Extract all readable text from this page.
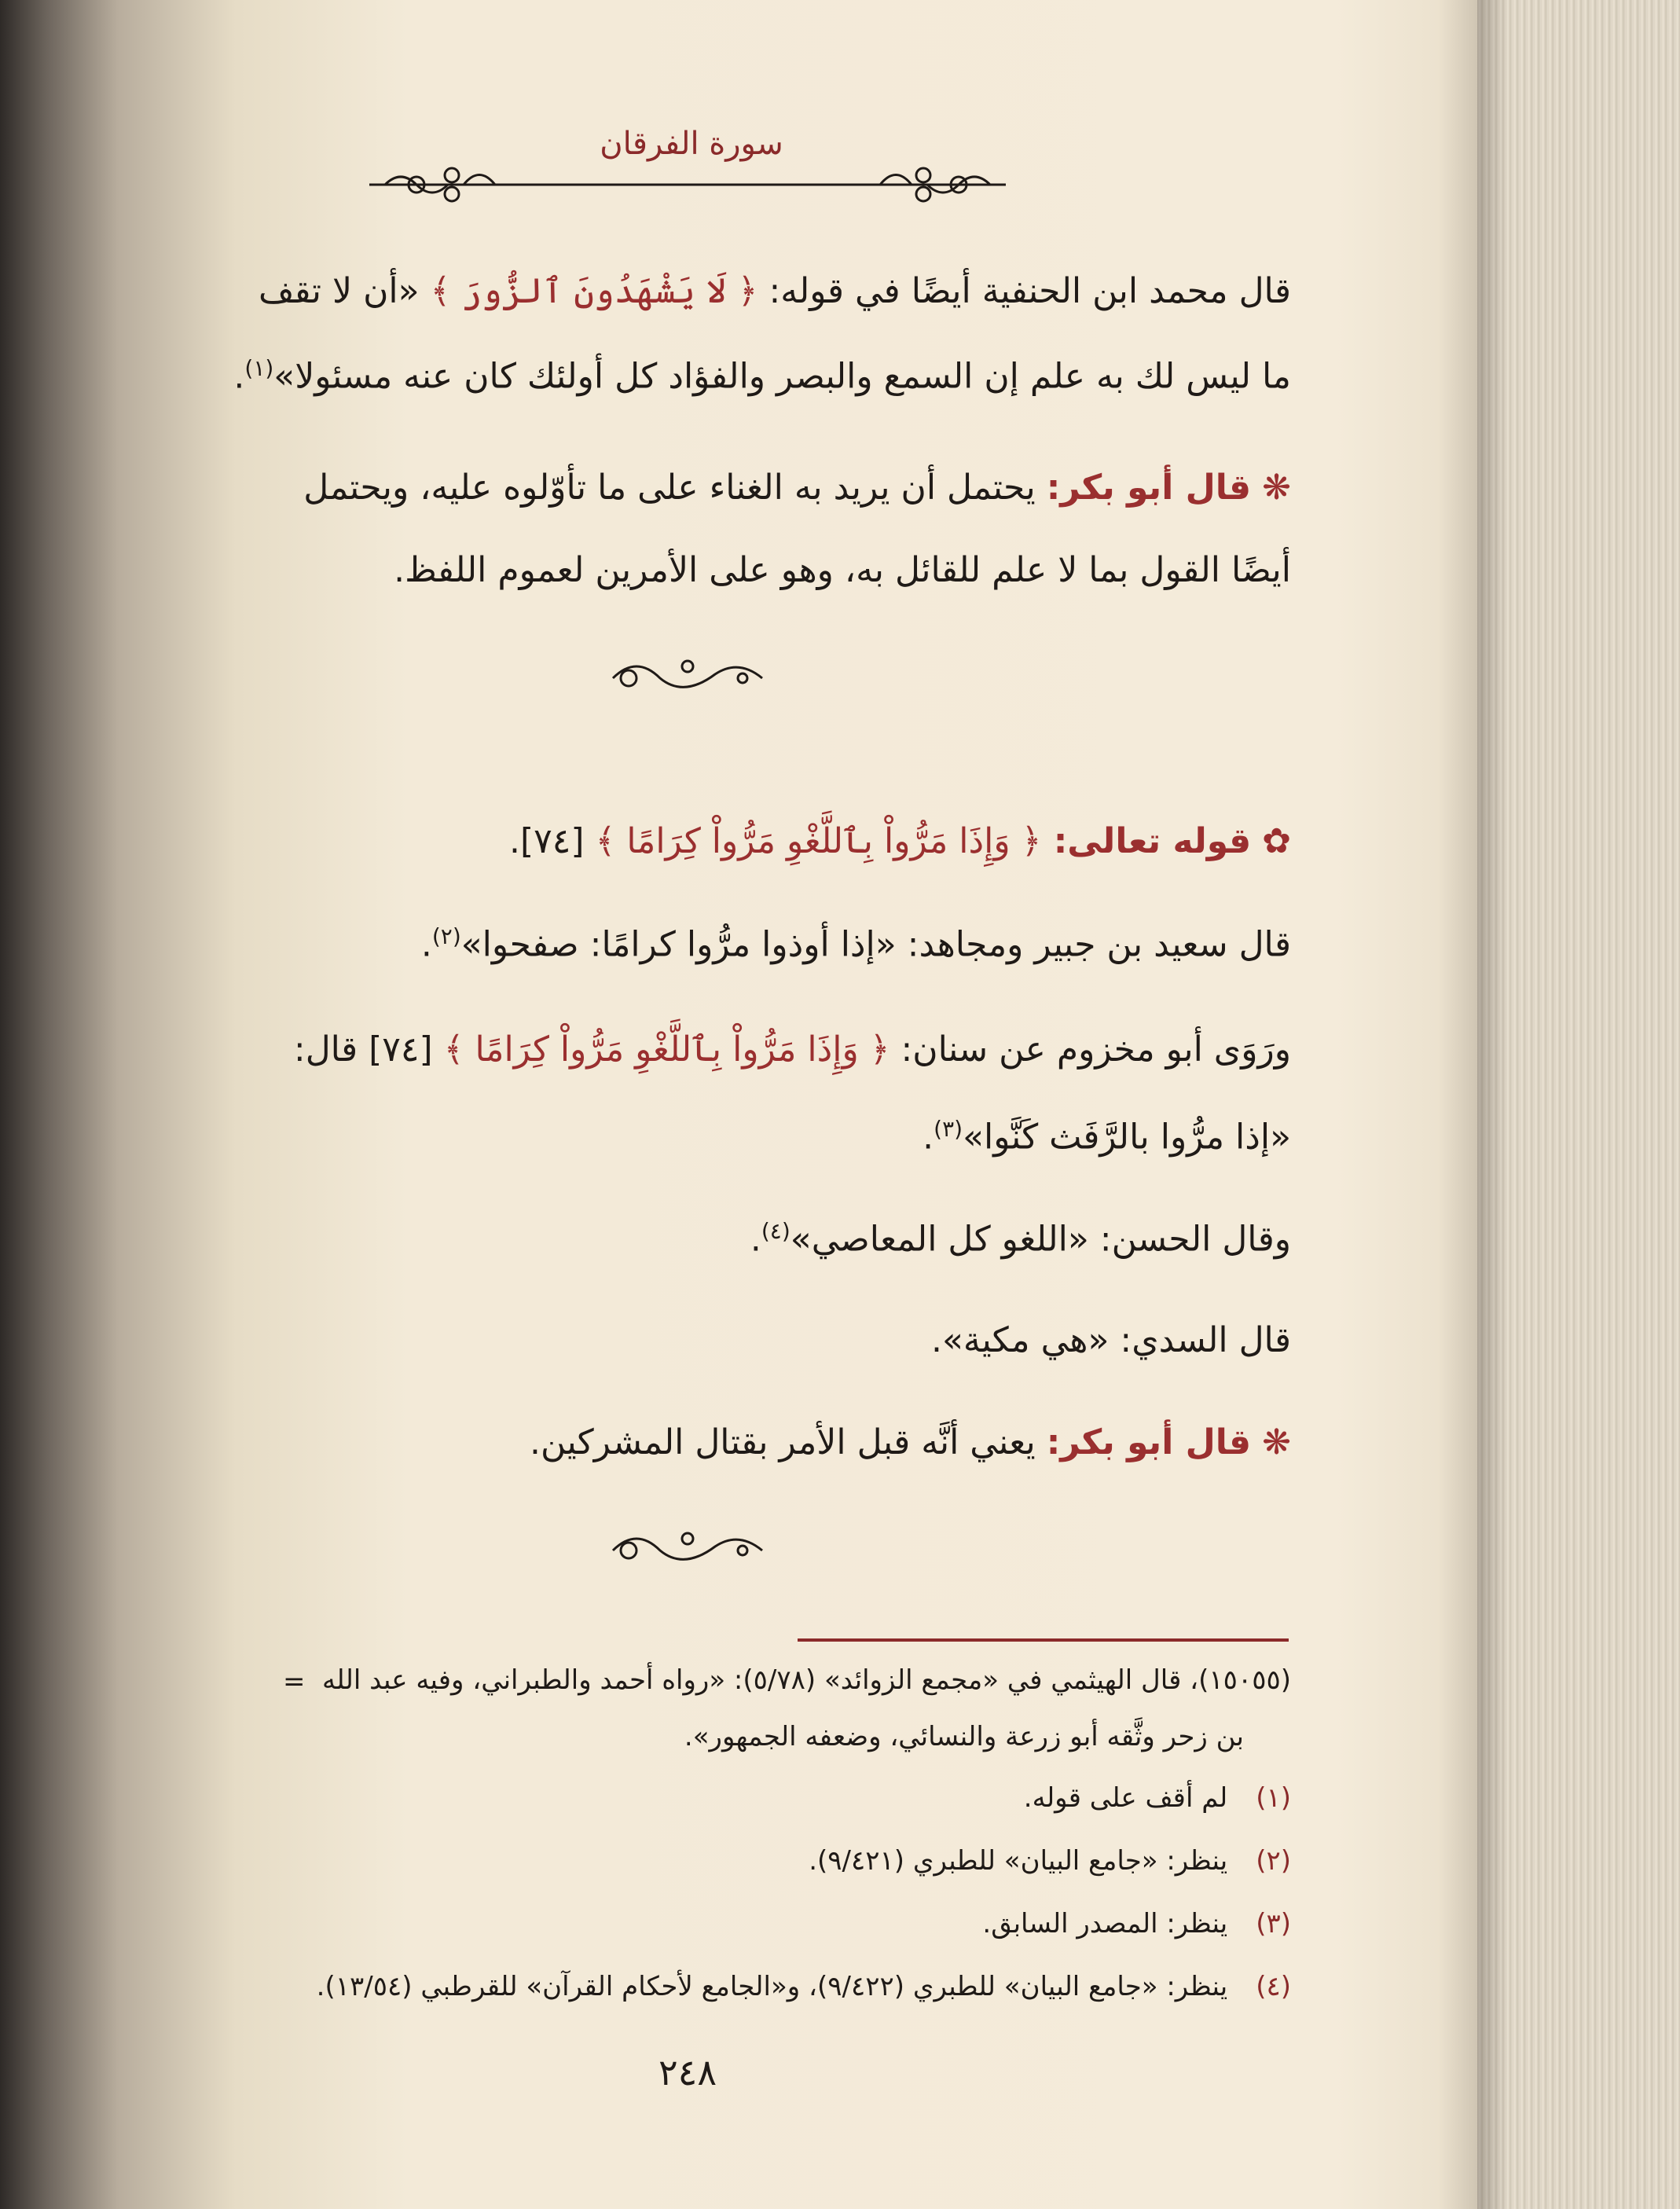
سورة الفرقان
قال محمد ابن الحنفية أيضًا في قوله: ﴿ لَا يَشْهَدُونَ ٱلزُّورَ ﴾ «أن لا تقف
ما ليس لك به علم إن السمع والبصر والفؤاد كل أولئك كان عنه مسئولا»$^{(١)}$.
❋ قال أبو بكر: يحتمل أن يريد به الغناء على ما تأوّلوه عليه، ويحتمل
أيضًا القول بما لا علم للقائل به، وهو على الأمرين لعموم اللفظ.
✿ قوله تعالى: ﴿ وَإِذَا مَرُّواْ بِٱللَّغْوِ مَرُّواْ كِرَامًا ﴾ [٧٤].
قال سعيد بن جبير ومجاهد: «إذا أوذوا مرُّوا كرامًا: صفحوا»$^{(٢)}$.
ورَوَى أبو مخزوم عن سنان: ﴿ وَإِذَا مَرُّواْ بِٱللَّغْوِ مَرُّواْ كِرَامًا ﴾ [٧٤] قال:
«إذا مرُّوا بالرَّفَث كَنَّوا»$^{(٣)}$.
وقال الحسن: «اللغو كل المعاصي»$^{(٤)}$.
قال السدي: «هي مكية».
❋ قال أبو بكر: يعني أنَّه قبل الأمر بقتال المشركين.
= (١٥٠٥٥)، قال الهيثمي في «مجمع الزوائد» (٥/٧٨): «رواه أحمد والطبراني، وفيه عبد الله
بن زحر وثَّقه أبو زرعة والنسائي، وضعفه الجمهور».
(١) لم أقف على قوله.
(٢) ينظر: «جامع البيان» للطبري (٩/٤٢١).
(٣) ينظر: المصدر السابق.
(٤) ينظر: «جامع البيان» للطبري (٩/٤٢٢)، و«الجامع لأحكام القرآن» للقرطبي (١٣/٥٤).
٢٤٨
